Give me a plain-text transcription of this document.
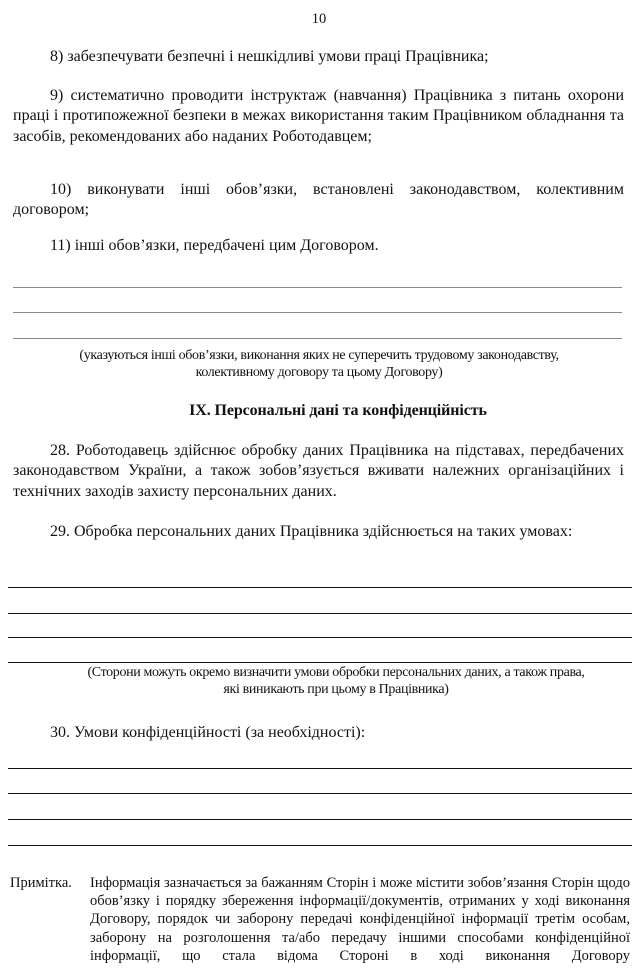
10
8) забезпечувати безпечні і нешкідливі умови праці Працівника;
9) систематично проводити інструктаж (навчання) Працівника з питань охорони праці і протипожежної безпеки в межах використання таким Працівником обладнання та засобів, рекомендованих або наданих Роботодавцем;
10) виконувати інші обов’язки, встановлені законодавством, колективним договором;
11) інші обов’язки, передбачені цим Договором.
(указуються інші обов’язки, виконання яких не суперечить трудовому законодавству,
колективному договору та цьому Договору)
IX. Персональні дані та конфіденційність
28. Роботодавець здійснює обробку даних Працівника на підставах, передбачених законодавством України, а також зобов’язується вживати належних організаційних і технічних заходів захисту персональних даних.
29. Обробка персональних даних Працівника здійснюється на таких умовах:
(Сторони можуть окремо визначити умови обробки персональних даних, а також права,
які виникають при цьому в Працівника)
30. Умови конфіденційності (за необхідності):
Примітка. Інформація зазначається за бажанням Сторін і може містити зобов’язання Сторін щодо обов’язку і порядку збереження інформації/документів, отриманих у ході виконання Договору, порядок чи заборону передачі конфіденційної інформації третім особам, заборону на розголошення та/або передачу іншими способами конфіденційної інформації, що стала відома Стороні в ході виконання Договору
